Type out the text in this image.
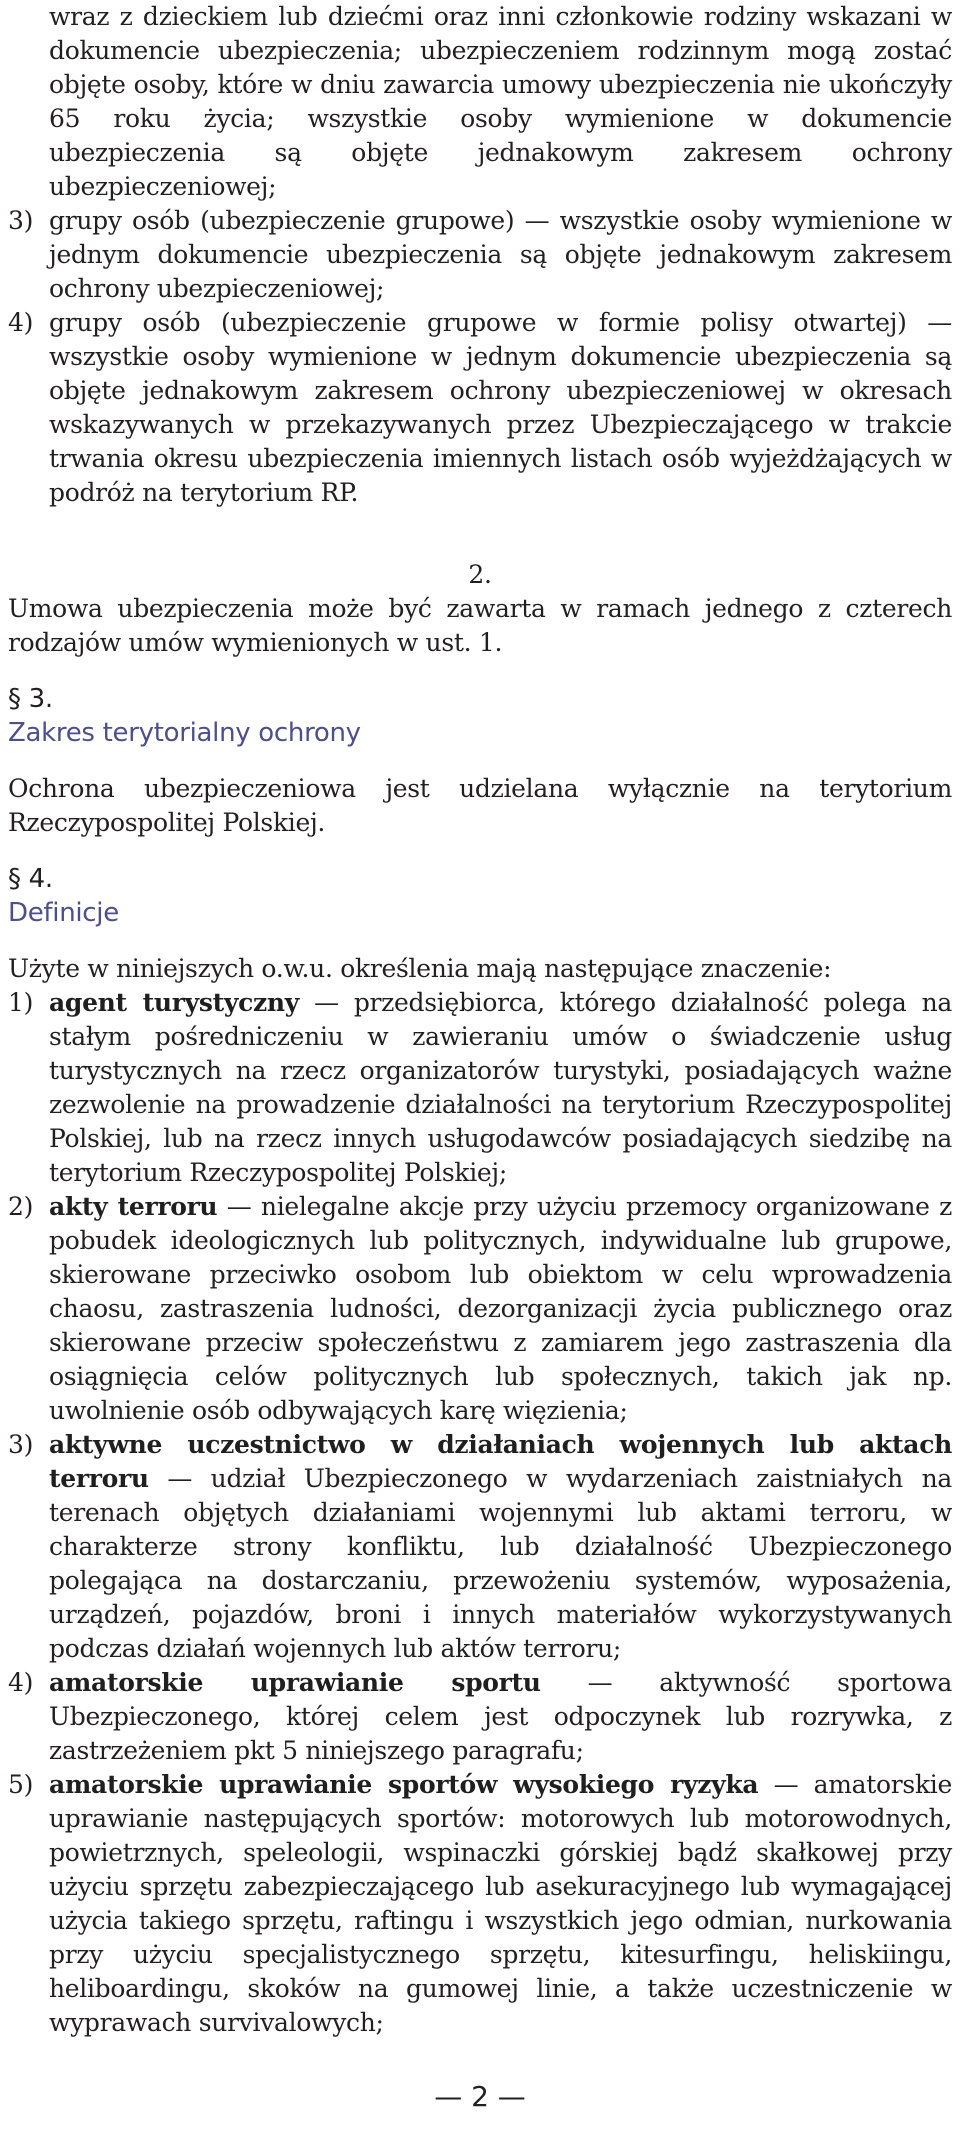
wraz z dzieckiem lub dziećmi oraz inni członkowie rodziny wskazani w dokumencie ubezpieczenia; ubezpieczeniem rodzinnym mogą zostać objęte osoby, które w dniu zawarcia umowy ubezpieczenia nie ukończyły 65 roku życia; wszystkie osoby wymienione w dokumencie ubezpieczenia są objęte jednakowym zakresem ochrony ubezpieczeniowej;

3) grupy osób (ubezpieczenie grupowe) — wszystkie osoby wymienione w jednym dokumencie ubezpieczenia są objęte jednakowym zakresem ochrony ubezpieczeniowej;
4) grupy osób (ubezpieczenie grupowe w formie polisy otwartej) — wszystkie osoby wymienione w jednym dokumencie ubezpieczenia są objęte jednakowym zakresem ochrony ubezpieczeniowej w okresach wskazywanych w przekazywanych przez Ubezpieczającego w trakcie trwania okresu ubezpieczenia imiennych listach osób wyjeżdżających w podróż na terytorium RP.

2.

Umowa ubezpieczenia może być zawarta w ramach jednego z czterech rodzajów umów wymienionych w ust. 1.

§ 3.

Zakres terytorialny ochrony

Ochrona ubezpieczeniowa jest udzielana wyłącznie na terytorium Rzeczypospolitej Polskiej.

§ 4.

Definicje

Użyte w niniejszych o.w.u. określenia mają następujące znaczenie:

1) agent turystyczny — przedsiębiorca, którego działalność polega na stałym pośredniczeniu w zawieraniu umów o świadczenie usług turystycznych na rzecz organizatorów turystyki, posiadających ważne zezwolenie na prowadzenie działalności na terytorium Rzeczypospolitej Polskiej, lub na rzecz innych usługodawców posiadających siedzibę na terytorium Rzeczypospolitej Polskiej;
2) akty terroru — nielegalne akcje przy użyciu przemocy organizowane z pobudek ideologicznych lub politycznych, indywidualne lub grupowe, skierowane przeciwko osobom lub obiektom w celu wprowadzenia chaosu, zastraszenia ludności, dezorganizacji życia publicznego oraz skierowane przeciw społeczeństwu z zamiarem jego zastraszenia dla osiągnięcia celów politycznych lub społecznych, takich jak np. uwolnienie osób odbywających karę więzienia;
3) aktywne uczestnictwo w działaniach wojennych lub aktach terroru — udział Ubezpieczonego w wydarzeniach zaistniałych na terenach objętych działaniami wojennymi lub aktami terroru, w charakterze strony konfliktu, lub działalność Ubezpieczonego polegająca na dostarczaniu, przewożeniu systemów, wyposażenia, urządzeń, pojazdów, broni i innych materiałów wykorzystywanych podczas działań wojennych lub aktów terroru;
4) amatorskie uprawianie sportu — aktywność sportowa Ubezpieczonego, której celem jest odpoczynek lub rozrywka, z zastrzeżeniem pkt 5 niniejszego paragrafu;
5) amatorskie uprawianie sportów wysokiego ryzyka — amatorskie uprawianie następujących sportów: motorowych lub motorowodnych, powietrznych, speleologii, wspinaczki górskiej bądź skałkowej przy użyciu sprzętu zabezpieczającego lub asekuracyjnego lub wymagającej użycia takiego sprzętu, raftingu i wszystkich jego odmian, nurkowania przy użyciu specjalistycznego sprzętu, kitesurfingu, heliskiingu, heliboardingu, skoków na gumowej linie, a także uczestniczenie w wyprawach survivalowych;
— 2 —
